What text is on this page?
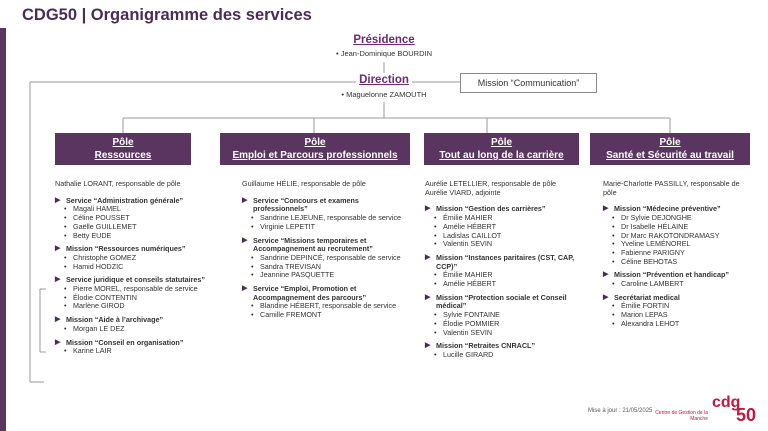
CDG50 | Organigramme des services
Présidence
• Jean-Dominique BOURDIN
Direction
• Maguelonne ZAMOUTH
Mission “Communication”
Pôle
Ressources
Pôle
Emploi et Parcours professionnels
Pôle
Tout au long de la carrière
Pôle
Santé et Sécurité au travail
Nathalie LORANT, responsable de pôle
▶ Service “Administration générale”
• Magali HAMEL
• Céline POUSSET
• Gaëlle GUILLEMET
• Betty EUDE
▶ Mission “Ressources numériques”
• Christophe GOMEZ
• Hamid HODZIC
▶ Service juridique et conseils statutaires”
• Pierre MOREL, responsable de service
• Élodie CONTENTIN
• Marlène GIROD
▶ Mission “Aide à l’archivage”
• Morgan LE DEZ
▶ Mission “Conseil en organisation”
• Karine LAIR
Guillaume HÉLIE, responsable de pôle
▶ Service “Concours et examens professionnels”
• Sandrine LEJEUNE, responsable de service
• Virginie LEPETIT
▶ Service “Missions temporaires et Accompagnement au recrutement”
• Sandrine DEPINCÉ, responsable de service
• Sandra TREVISAN
• Jeannine PASQUETTE
▶ Service “Emploi, Promotion et Accompagnement des parcours”
• Blandine HÉBERT, responsable de service
• Camille FREMONT
Aurélie LETELLIER, responsable de pôle Aurélie VIARD, adjointe
▶ Mission “Gestion des carrières”
• Émilie MAHIER
• Amélie HÉBERT
• Ladislas CAILLOT
• Valentin SEVIN
▶ Mission “Instances paritaires (CST, CAP, CCP)”
• Émilie MAHIER
• Amélie HÉBERT
▶ Mission “Protection sociale et Conseil médical”
• Sylvie FONTAINE
• Élodie POMMIER
• Valentin SEVIN
▶ Mission “Retraites CNRACL”
• Lucille GIRARD
Marie-Charlotte PASSILLY, responsable de pôle
▶ Mission “Médecine préventive”
• Dr Sylvie DEJONGHE
• Dr Isabelle HÉLAINE
• Dr Marc RAKOTONDRAMASY
• Yveline LEMÉNOREL
• Fabienne PARIGNY
• Céline BEHOTAS
▶ Mission “Prévention et handicap”
• Caroline LAMBERT
▶ Secrétariat medical
• Émilie FORTIN
• Marion LEPAS
• Alexandra LEHOT
Mise à jour : 21/05/2025	cdg
Centre de Gestion de la Manche 50
